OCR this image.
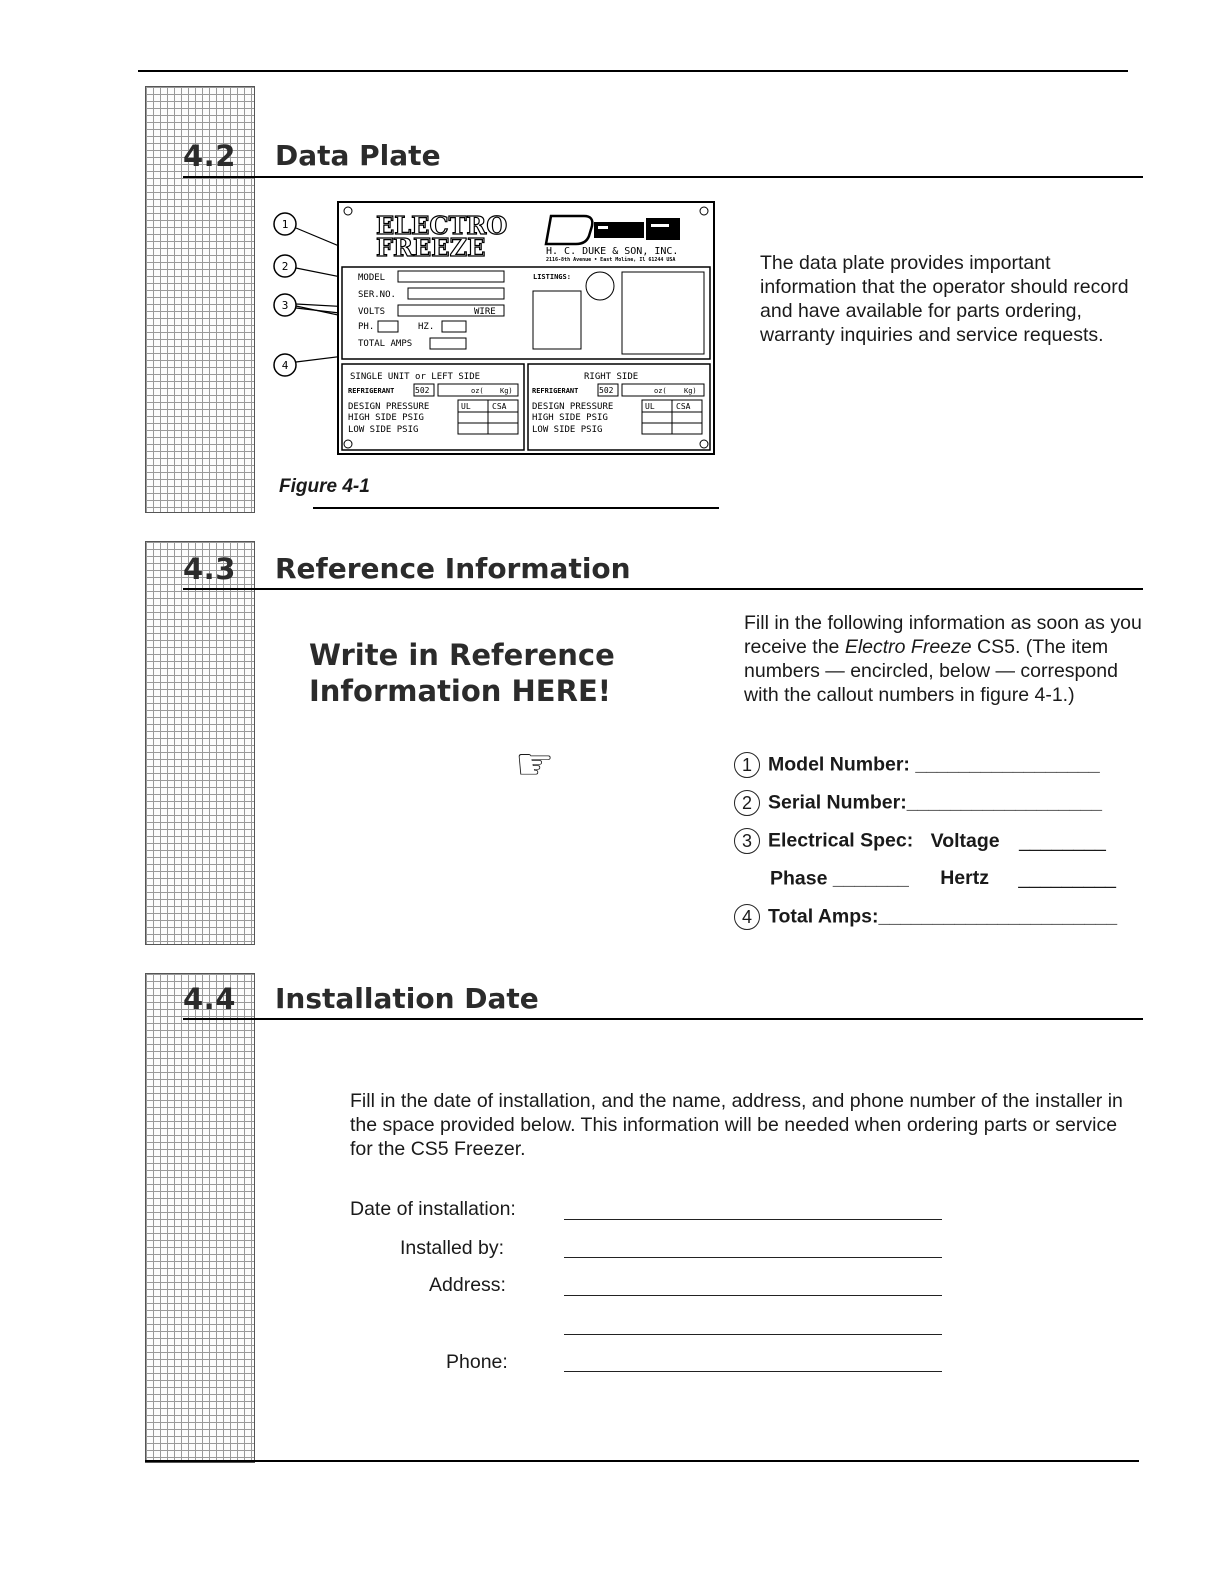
4.2 Data Plate
1
2
3
4
ELECTRO
FREEZE	H. C. DUKE & SON, INC.
2116-8th Avenue • East Moline, Il 61244 USA
MODEL
SER.NO.
VOLTS	WIRE
PH.	HZ.
TOTAL AMPS
LISTINGS:
SINGLE UNIT or LEFT SIDE
REFRIGERANT	502	oz( Kg)
DESIGN PRESSURE
HIGH SIDE PSIG
LOW SIDE PSIG
UL	CSA
RIGHT SIDE
REFRIGERANT	502	oz( Kg)
DESIGN PRESSURE
HIGH SIDE PSIG
LOW SIDE PSIG
UL	CSA
Figure 4-1
The data plate provides important information that the operator should record and have available for parts ordering, warranty inquiries and service requests.
4.3 Reference Information
Write in Reference
Information HERE!
☞
Fill in the following information as soon as you receive the Electro Freeze CS5. (The item numbers — encircled, below — correspond with the callout numbers in figure 4-1.)
1 Model Number: _________________
2 Serial Number:__________________
3 Electrical Spec: Voltage ________
Phase _______ Hertz _________
4 Total Amps:______________________
4.4 Installation Date
Fill in the date of installation, and the name, address, and phone number of the installer in the space provided below. This information will be needed when ordering parts or service for the CS5 Freezer.
Date of installation:
Installed by:
Address:
Phone:
